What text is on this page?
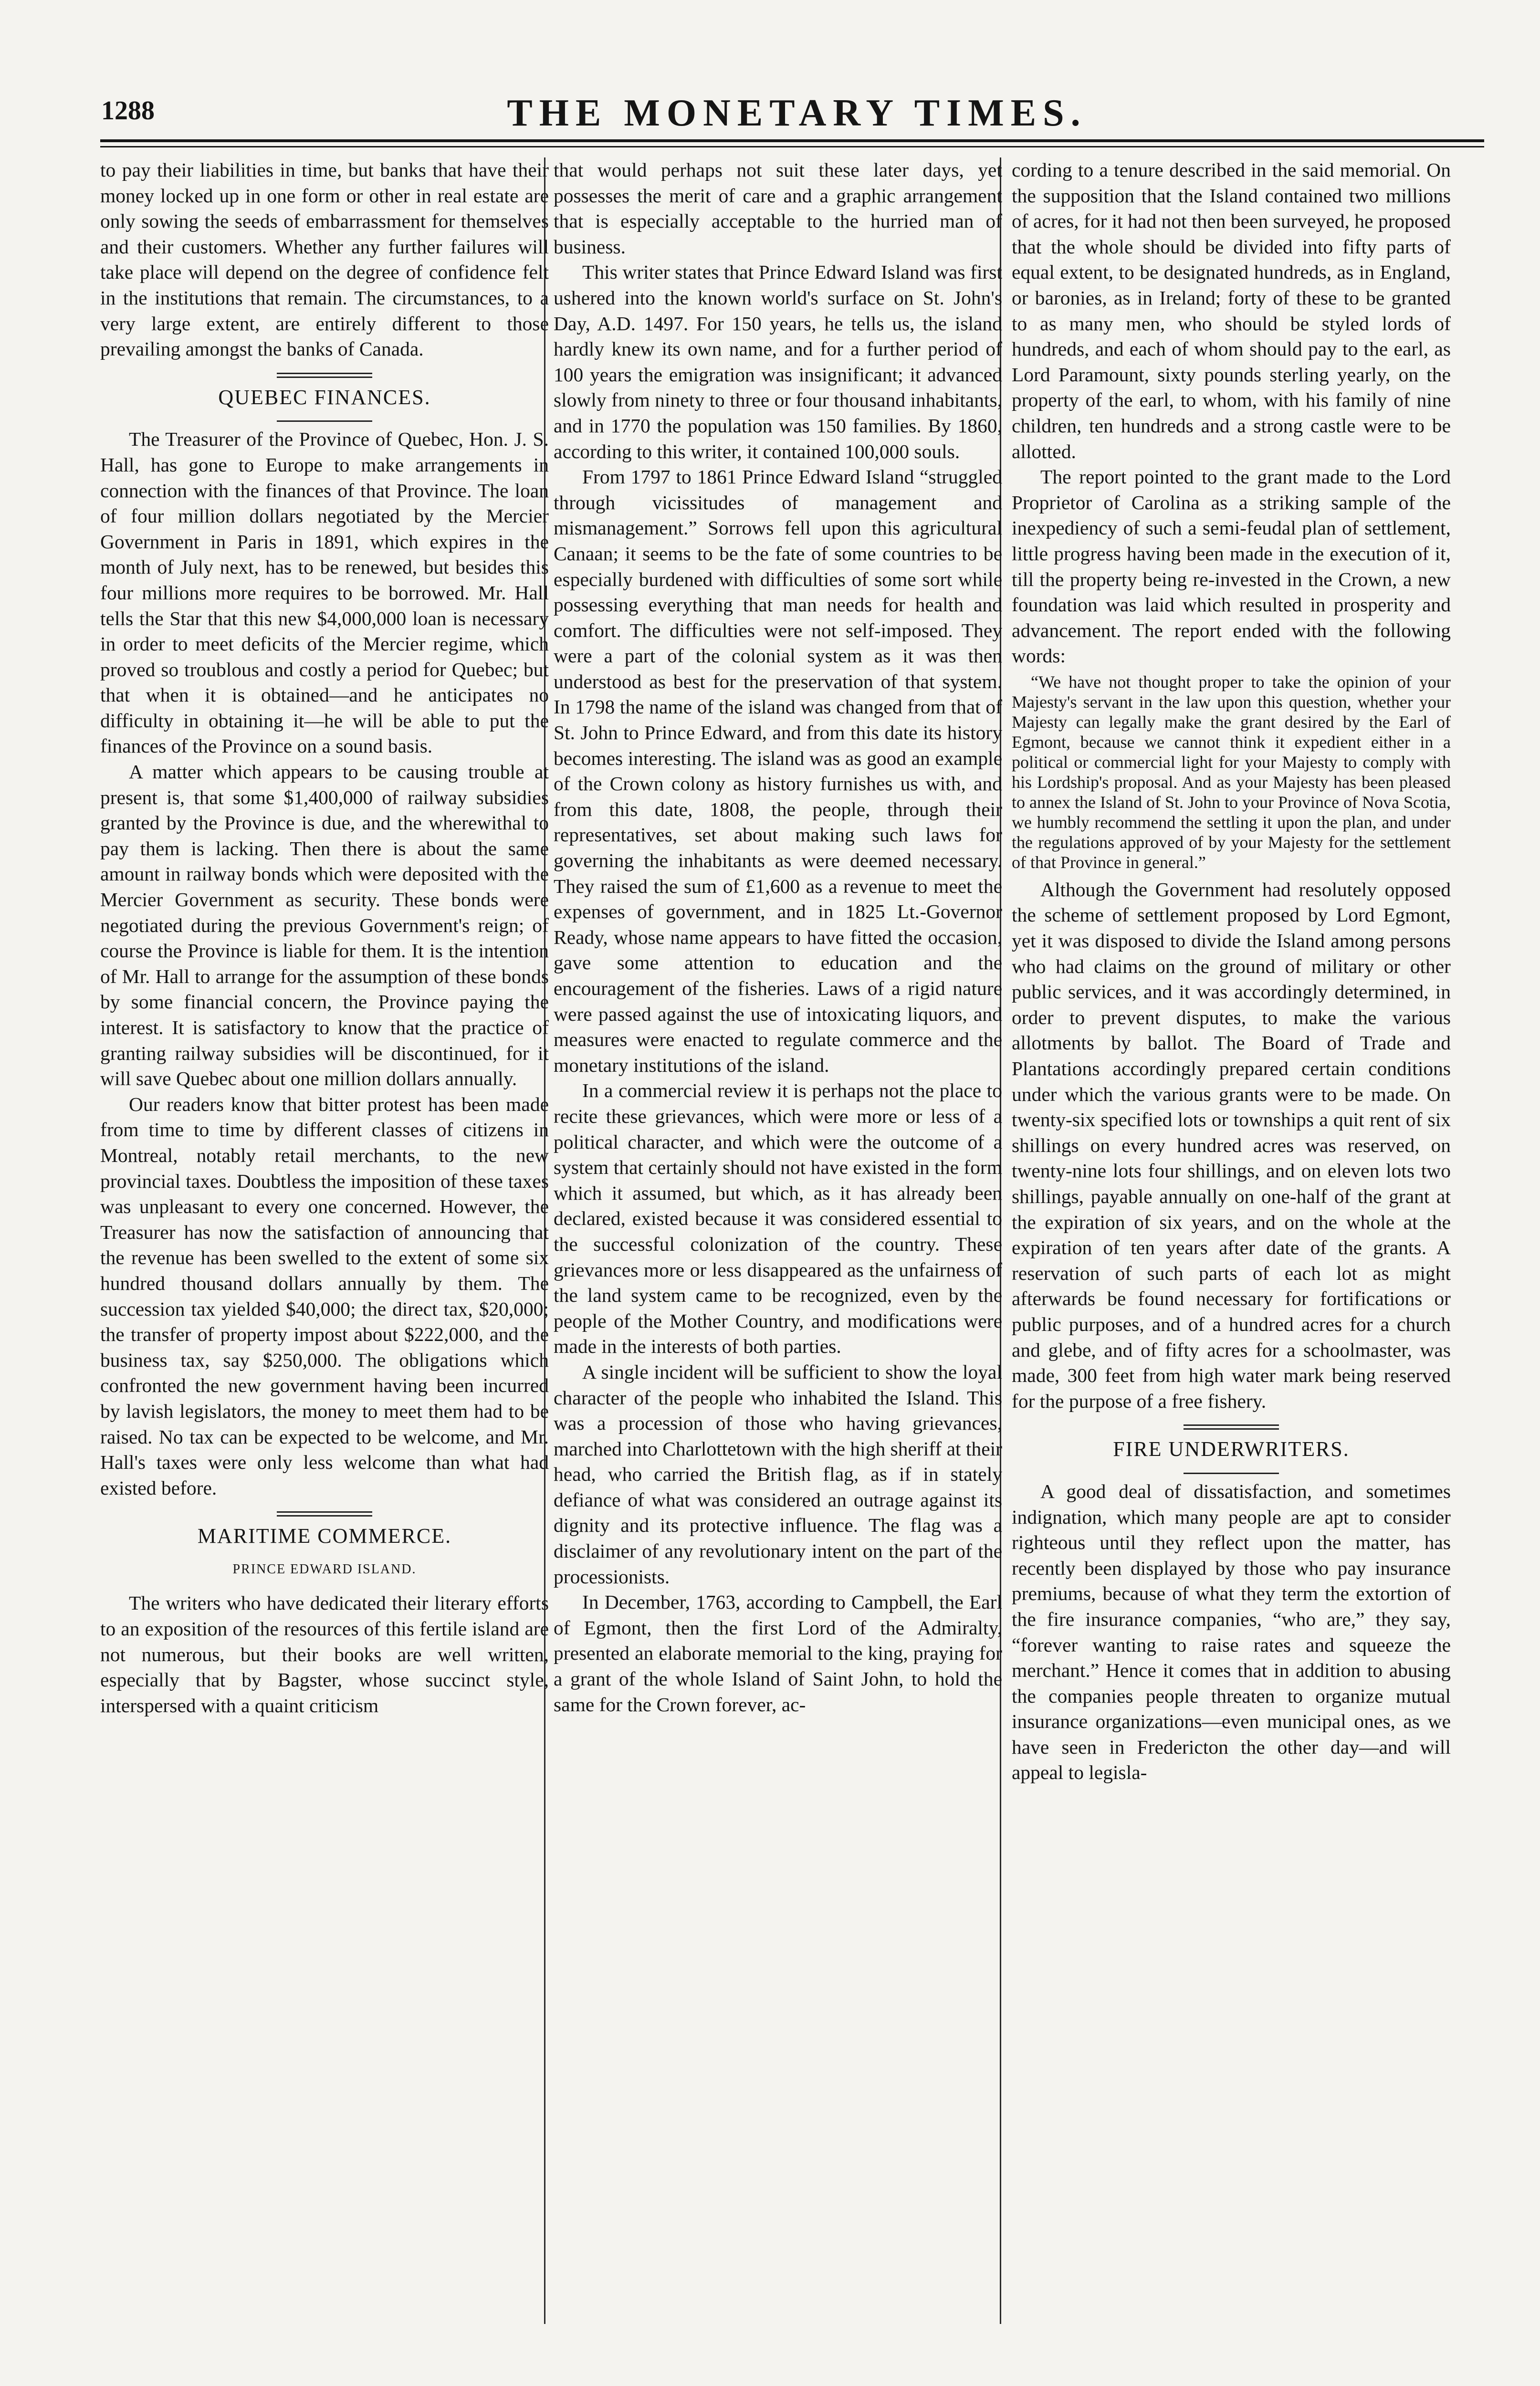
1288	THE MONETARY TIMES.

to pay their liabilities in time, but banks that have their money locked up in one form or other in real estate are only sowing the seeds of embarrassment for themselves and their customers. Whether any further failures will take place will depend on the degree of confidence felt in the institutions that remain. The circumstances, to a very large extent, are entirely different to those prevailing amongst the banks of Canada.

QUEBEC FINANCES.

The Treasurer of the Province of Quebec, Hon. J. S. Hall, has gone to Europe to make arrangements in connection with the finances of that Province. The loan of four million dollars negotiated by the Mercier Government in Paris in 1891, which expires in the month of July next, has to be renewed, but besides this four millions more requires to be borrowed. Mr. Hall tells the Star that this new $4,000,000 loan is necessary in order to meet deficits of the Mercier regime, which proved so troublous and costly a period for Quebec; but that when it is obtained—and he anticipates no difficulty in obtaining it—he will be able to put the finances of the Province on a sound basis.

A matter which appears to be causing trouble at present is, that some $1,400,000 of railway subsidies granted by the Province is due, and the wherewithal to pay them is lacking. Then there is about the same amount in railway bonds which were deposited with the Mercier Government as security. These bonds were negotiated during the previous Government's reign; of course the Province is liable for them. It is the intention of Mr. Hall to arrange for the assumption of these bonds by some financial concern, the Province paying the interest. It is satisfactory to know that the practice of granting railway subsidies will be discontinued, for it will save Quebec about one million dollars annually.

Our readers know that bitter protest has been made from time to time by different classes of citizens in Montreal, notably retail merchants, to the new provincial taxes. Doubtless the imposition of these taxes was unpleasant to every one concerned. However, the Treasurer has now the satisfaction of announcing that the revenue has been swelled to the extent of some six hundred thousand dollars annually by them. The succession tax yielded $40,000; the direct tax, $20,000; the transfer of property impost about $222,000, and the business tax, say $250,000. The obligations which confronted the new government having been incurred by lavish legislators, the money to meet them had to be raised. No tax can be expected to be welcome, and Mr. Hall's taxes were only less welcome than what had existed before.

MARITIME COMMERCE.
PRINCE EDWARD ISLAND.

The writers who have dedicated their literary efforts to an exposition of the resources of this fertile island are not numerous, but their books are well written, especially that by Bagster, whose succinct style, interspersed with a quaint criticism

that would perhaps not suit these later days, yet possesses the merit of care and a graphic arrangement that is especially acceptable to the hurried man of business.

This writer states that Prince Edward Island was first ushered into the known world's surface on St. John's Day, A.D. 1497. For 150 years, he tells us, the island hardly knew its own name, and for a further period of 100 years the emigration was insignificant; it advanced slowly from ninety to three or four thousand inhabitants, and in 1770 the population was 150 families. By 1860, according to this writer, it contained 100,000 souls.

From 1797 to 1861 Prince Edward Island “struggled through vicissitudes of management and mismanagement.” Sorrows fell upon this agricultural Canaan; it seems to be the fate of some countries to be especially burdened with difficulties of some sort while possessing everything that man needs for health and comfort. The difficulties were not self-imposed. They were a part of the colonial system as it was then understood as best for the preservation of that system. In 1798 the name of the island was changed from that of St. John to Prince Edward, and from this date its history becomes interesting. The island was as good an example of the Crown colony as history furnishes us with, and from this date, 1808, the people, through their representatives, set about making such laws for governing the inhabitants as were deemed necessary. They raised the sum of £1,600 as a revenue to meet the expenses of government, and in 1825 Lt.-Governor Ready, whose name appears to have fitted the occasion, gave some attention to education and the encouragement of the fisheries. Laws of a rigid nature were passed against the use of intoxicating liquors, and measures were enacted to regulate commerce and the monetary institutions of the island.

In a commercial review it is perhaps not the place to recite these grievances, which were more or less of a political character, and which were the outcome of a system that certainly should not have existed in the form which it assumed, but which, as it has already been declared, existed because it was considered essential to the successful colonization of the country. These grievances more or less disappeared as the unfairness of the land system came to be recognized, even by the people of the Mother Country, and modifications were made in the interests of both parties.

A single incident will be sufficient to show the loyal character of the people who inhabited the Island. This was a procession of those who having grievances, marched into Charlottetown with the high sheriff at their head, who carried the British flag, as if in stately defiance of what was considered an outrage against its dignity and its protective influence. The flag was a disclaimer of any revolutionary intent on the part of the processionists.

In December, 1763, according to Campbell, the Earl of Egmont, then the first Lord of the Admiralty, presented an elaborate memorial to the king, praying for a grant of the whole Island of Saint John, to hold the same for the Crown forever, ac-

cording to a tenure described in the said memorial. On the supposition that the Island contained two millions of acres, for it had not then been surveyed, he proposed that the whole should be divided into fifty parts of equal extent, to be designated hundreds, as in England, or baronies, as in Ireland; forty of these to be granted to as many men, who should be styled lords of hundreds, and each of whom should pay to the earl, as Lord Paramount, sixty pounds sterling yearly, on the property of the earl, to whom, with his family of nine children, ten hundreds and a strong castle were to be allotted.

The report pointed to the grant made to the Lord Proprietor of Carolina as a striking sample of the inexpediency of such a semi-feudal plan of settlement, little progress having been made in the execution of it, till the property being re-invested in the Crown, a new foundation was laid which resulted in prosperity and advancement. The report ended with the following words:

“We have not thought proper to take the opinion of your Majesty's servant in the law upon this question, whether your Majesty can legally make the grant desired by the Earl of Egmont, because we cannot think it expedient either in a political or commercial light for your Majesty to comply with his Lordship's proposal. And as your Majesty has been pleased to annex the Island of St. John to your Province of Nova Scotia, we humbly recommend the settling it upon the plan, and under the regulations approved of by your Majesty for the settlement of that Province in general.”

Although the Government had resolutely opposed the scheme of settlement proposed by Lord Egmont, yet it was disposed to divide the Island among persons who had claims on the ground of military or other public services, and it was accordingly determined, in order to prevent disputes, to make the various allotments by ballot. The Board of Trade and Plantations accordingly prepared certain conditions under which the various grants were to be made. On twenty-six specified lots or townships a quit rent of six shillings on every hundred acres was reserved, on twenty-nine lots four shillings, and on eleven lots two shillings, payable annually on one-half of the grant at the expiration of six years, and on the whole at the expiration of ten years after date of the grants. A reservation of such parts of each lot as might afterwards be found necessary for fortifications or public purposes, and of a hundred acres for a church and glebe, and of fifty acres for a schoolmaster, was made, 300 feet from high water mark being reserved for the purpose of a free fishery.

FIRE UNDERWRITERS.

A good deal of dissatisfaction, and sometimes indignation, which many people are apt to consider righteous until they reflect upon the matter, has recently been displayed by those who pay insurance premiums, because of what they term the extortion of the fire insurance companies, “who are,” they say, “forever wanting to raise rates and squeeze the merchant.” Hence it comes that in addition to abusing the companies people threaten to organize mutual insurance organizations—even municipal ones, as we have seen in Fredericton the other day—and will appeal to legisla-
